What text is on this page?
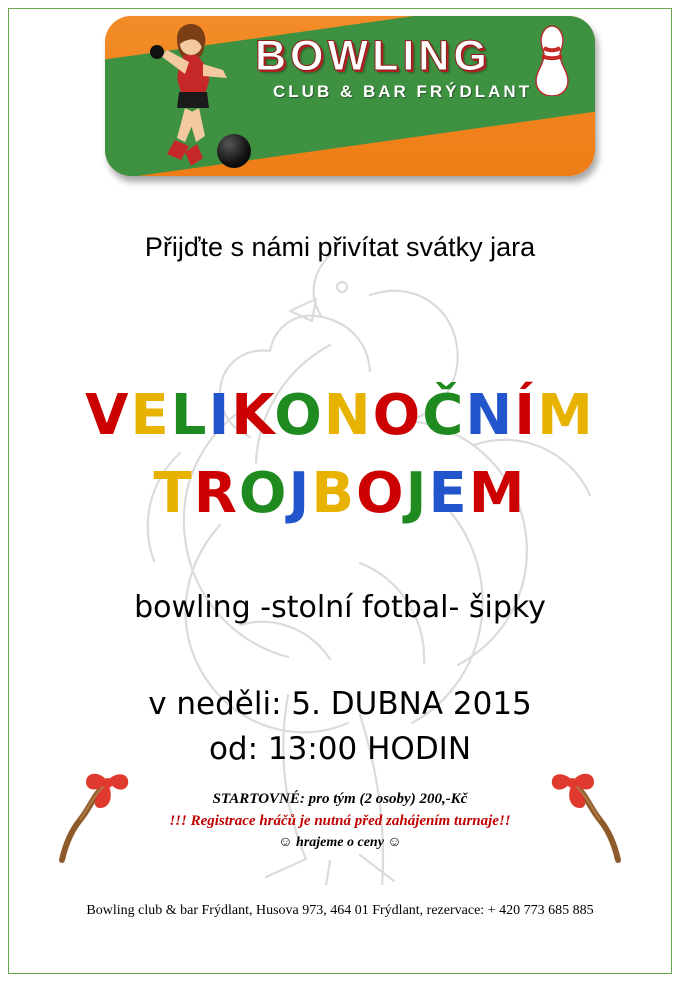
BOWLING
CLUB & BAR FRÝDLANT
Přijďte s námi přivítat svátky jara
VELIKONOČNÍM
TROJBOJEM
bowling -stolní fotbal- šipky
v neděli: 5. DUBNA 2015
od: 13:00 HODIN
STARTOVNÉ: pro tým (2 osoby) 200,-Kč
!!! Registrace hráčů je nutná před zahájením turnaje!!
☺ hrajeme o ceny ☺
Bowling club & bar Frýdlant, Husova 973, 464 01 Frýdlant, rezervace: + 420 773 685 885
